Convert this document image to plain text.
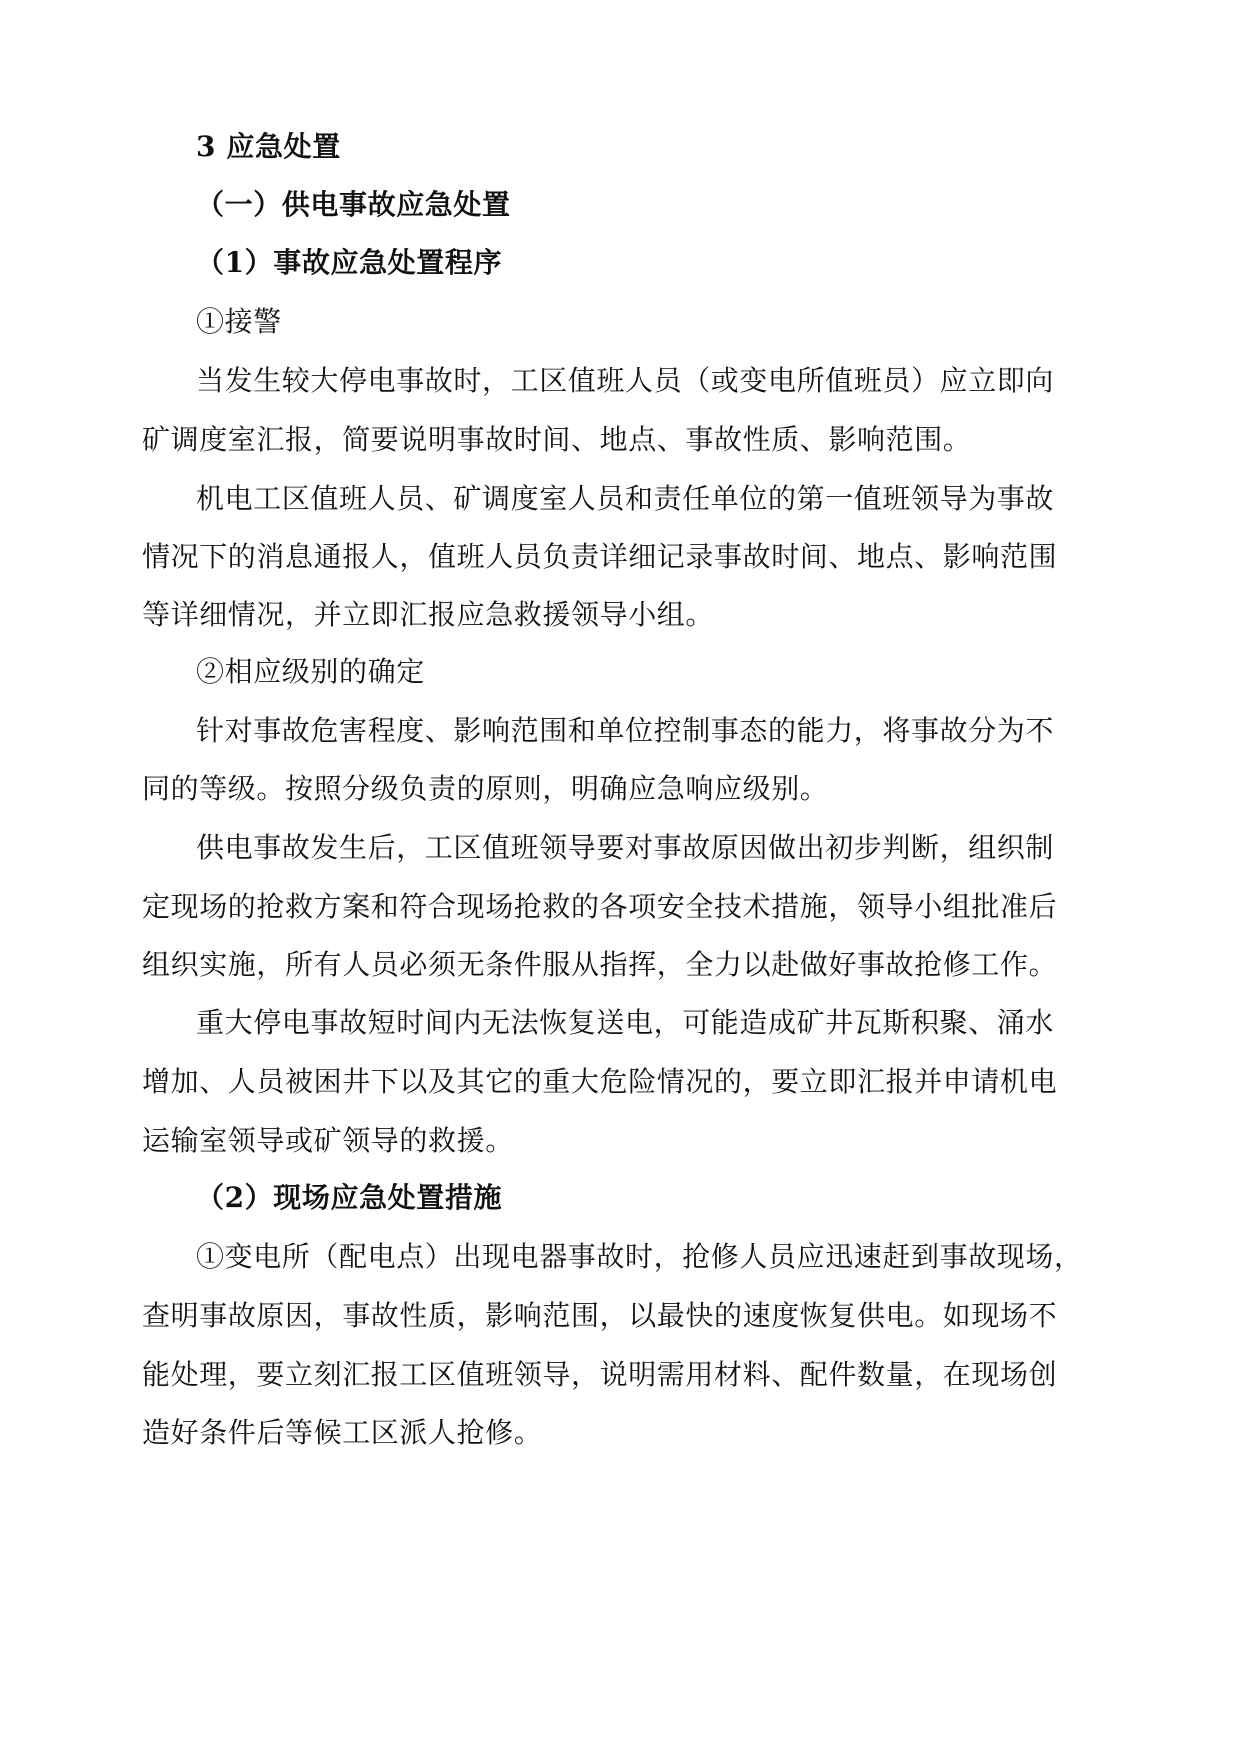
3 应急处置
（一）供电事故应急处置
（1）事故应急处置程序
①接警
当发生较大停电事故时，工区值班人员（或变电所值班员）应立即向
矿调度室汇报，简要说明事故时间、地点、事故性质、影响范围。
机电工区值班人员、矿调度室人员和责任单位的第一值班领导为事故
情况下的消息通报人，值班人员负责详细记录事故时间、地点、影响范围
等详细情况，并立即汇报应急救援领导小组。
②相应级别的确定
针对事故危害程度、影响范围和单位控制事态的能力，将事故分为不
同的等级。按照分级负责的原则，明确应急响应级别。
供电事故发生后，工区值班领导要对事故原因做出初步判断，组织制
定现场的抢救方案和符合现场抢救的各项安全技术措施，领导小组批准后
组织实施，所有人员必须无条件服从指挥，全力以赴做好事故抢修工作。
重大停电事故短时间内无法恢复送电，可能造成矿井瓦斯积聚、涌水
增加、人员被困井下以及其它的重大危险情况的，要立即汇报并申请机电
运输室领导或矿领导的救援。
（2）现场应急处置措施
①变电所（配电点）出现电器事故时，抢修人员应迅速赶到事故现场，
查明事故原因，事故性质，影响范围，以最快的速度恢复供电。如现场不
能处理，要立刻汇报工区值班领导，说明需用材料、配件数量，在现场创
造好条件后等候工区派人抢修。
